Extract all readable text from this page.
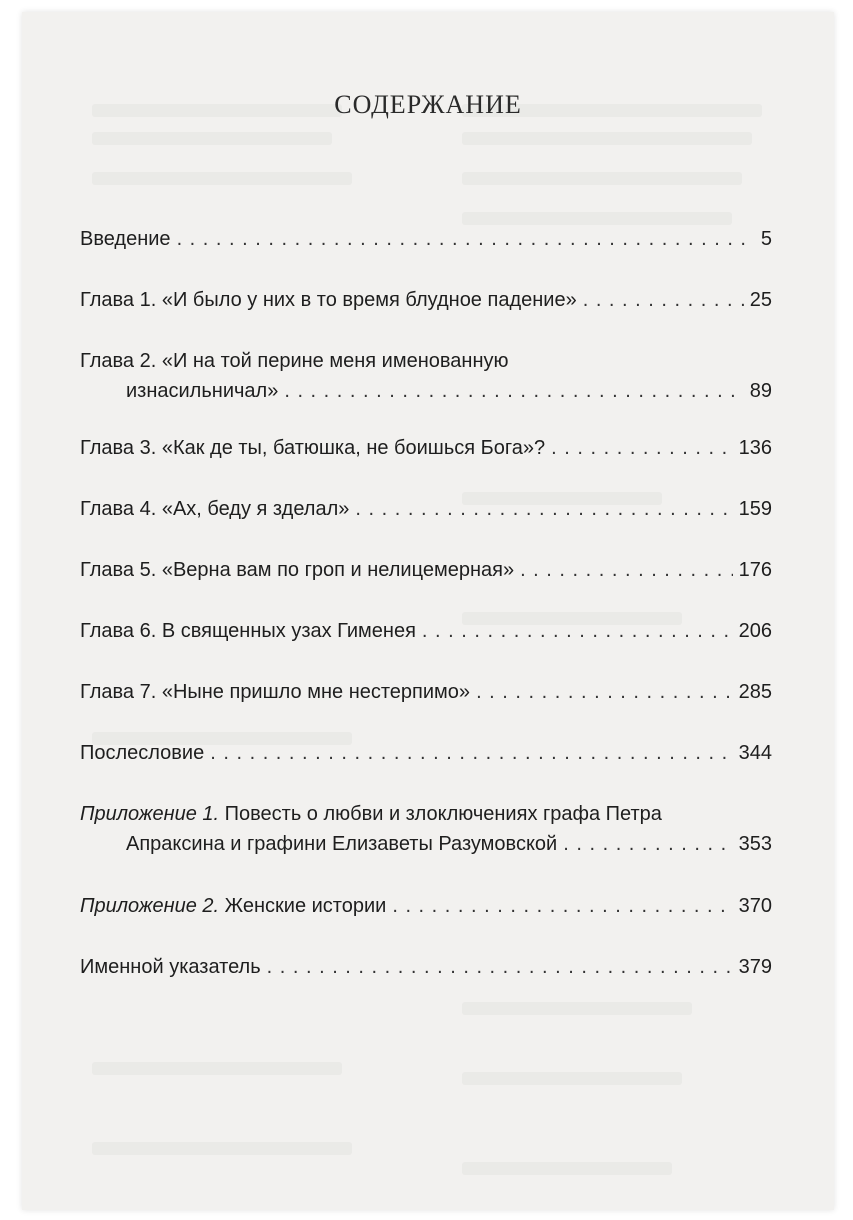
СОДЕРЖАНИЕ
Введение . . .	5
Глава 1. «И было у них в то время блудное падение» . . .	25
Глава 2. «И на той перине меня именованную
изнасильничал» . . .	89
Глава 3. «Как де ты, батюшка, не боишься Бога»? . . .	136
Глава 4. «Ах, беду я зделал» . . .	159
Глава 5. «Верна вам по гроп и нелицемерная» . . .	176
Глава 6. В священных узах Гименея . . .	206
Глава 7. «Ныне пришло мне нестерпимо» . . .	285
Послесловие . . .	344
Приложение 1. Повесть о любви и злоключениях графа Петра
Апраксина и графини Елизаветы Разумовской . . .	353
Приложение 2. Женские истории . . .	370
Именной указатель . . .	379
